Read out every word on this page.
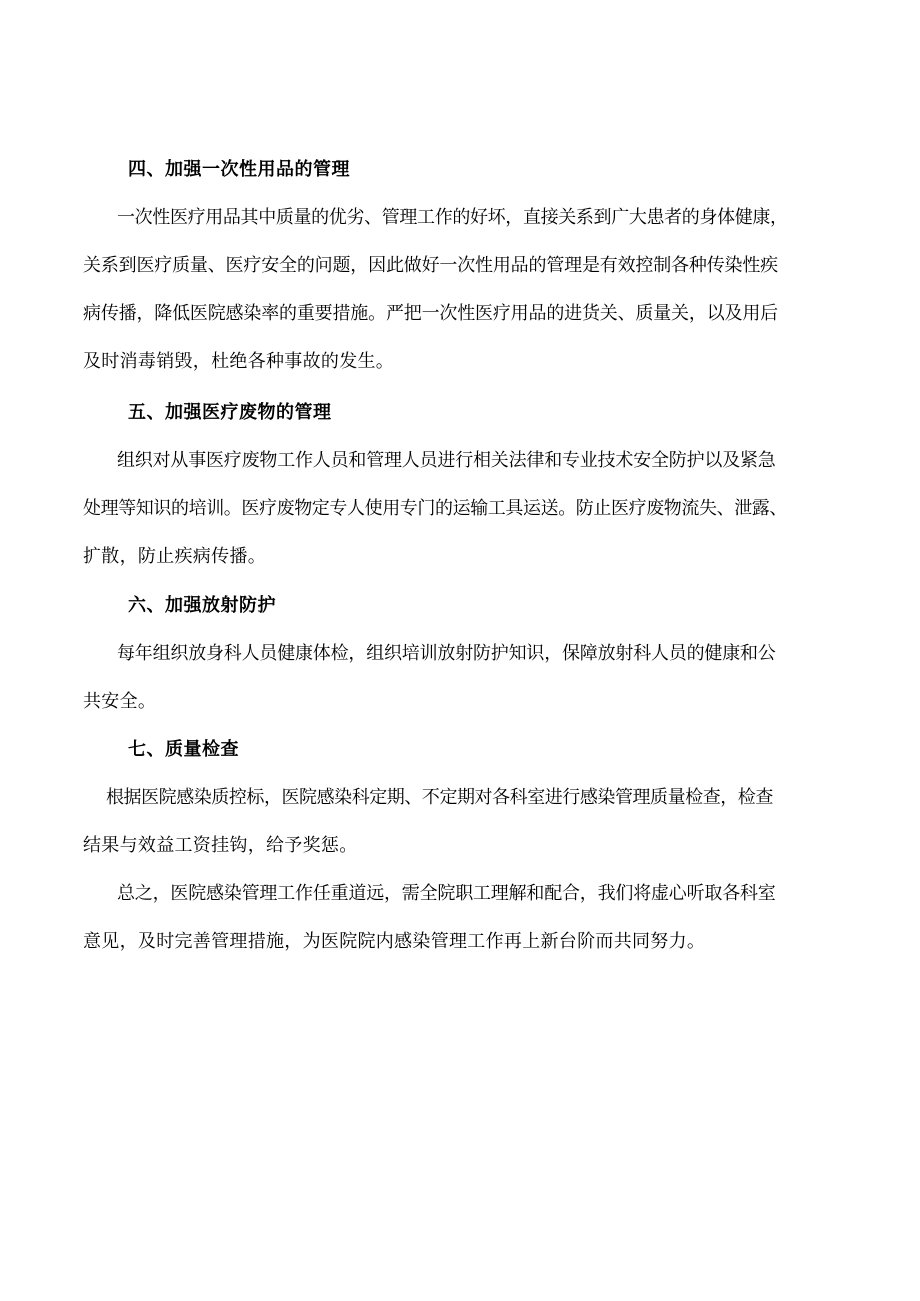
四、加强一次性用品的管理
一次性医疗用品其中质量的优劣、管理工作的好坏，直接关系到广大患者的身体健康，
关系到医疗质量、医疗安全的问题，因此做好一次性用品的管理是有效控制各种传染性疾
病传播，降低医院感染率的重要措施。严把一次性医疗用品的进货关、质量关，以及用后
及时消毒销毁，杜绝各种事故的发生。
五、加强医疗废物的管理
组织对从事医疗废物工作人员和管理人员进行相关法律和专业技术安全防护以及紧急
处理等知识的培训。医疗废物定专人使用专门的运输工具运送。防止医疗废物流失、泄露、
扩散，防止疾病传播。
六、加强放射防护
每年组织放身科人员健康体检，组织培训放射防护知识，保障放射科人员的健康和公
共安全。
七、质量检查
根据医院感染质控标，医院感染科定期、不定期对各科室进行感染管理质量检查，检查
结果与效益工资挂钩，给予奖惩。
总之，医院感染管理工作任重道远，需全院职工理解和配合，我们将虚心听取各科室
意见，及时完善管理措施，为医院院内感染管理工作再上新台阶而共同努力。
